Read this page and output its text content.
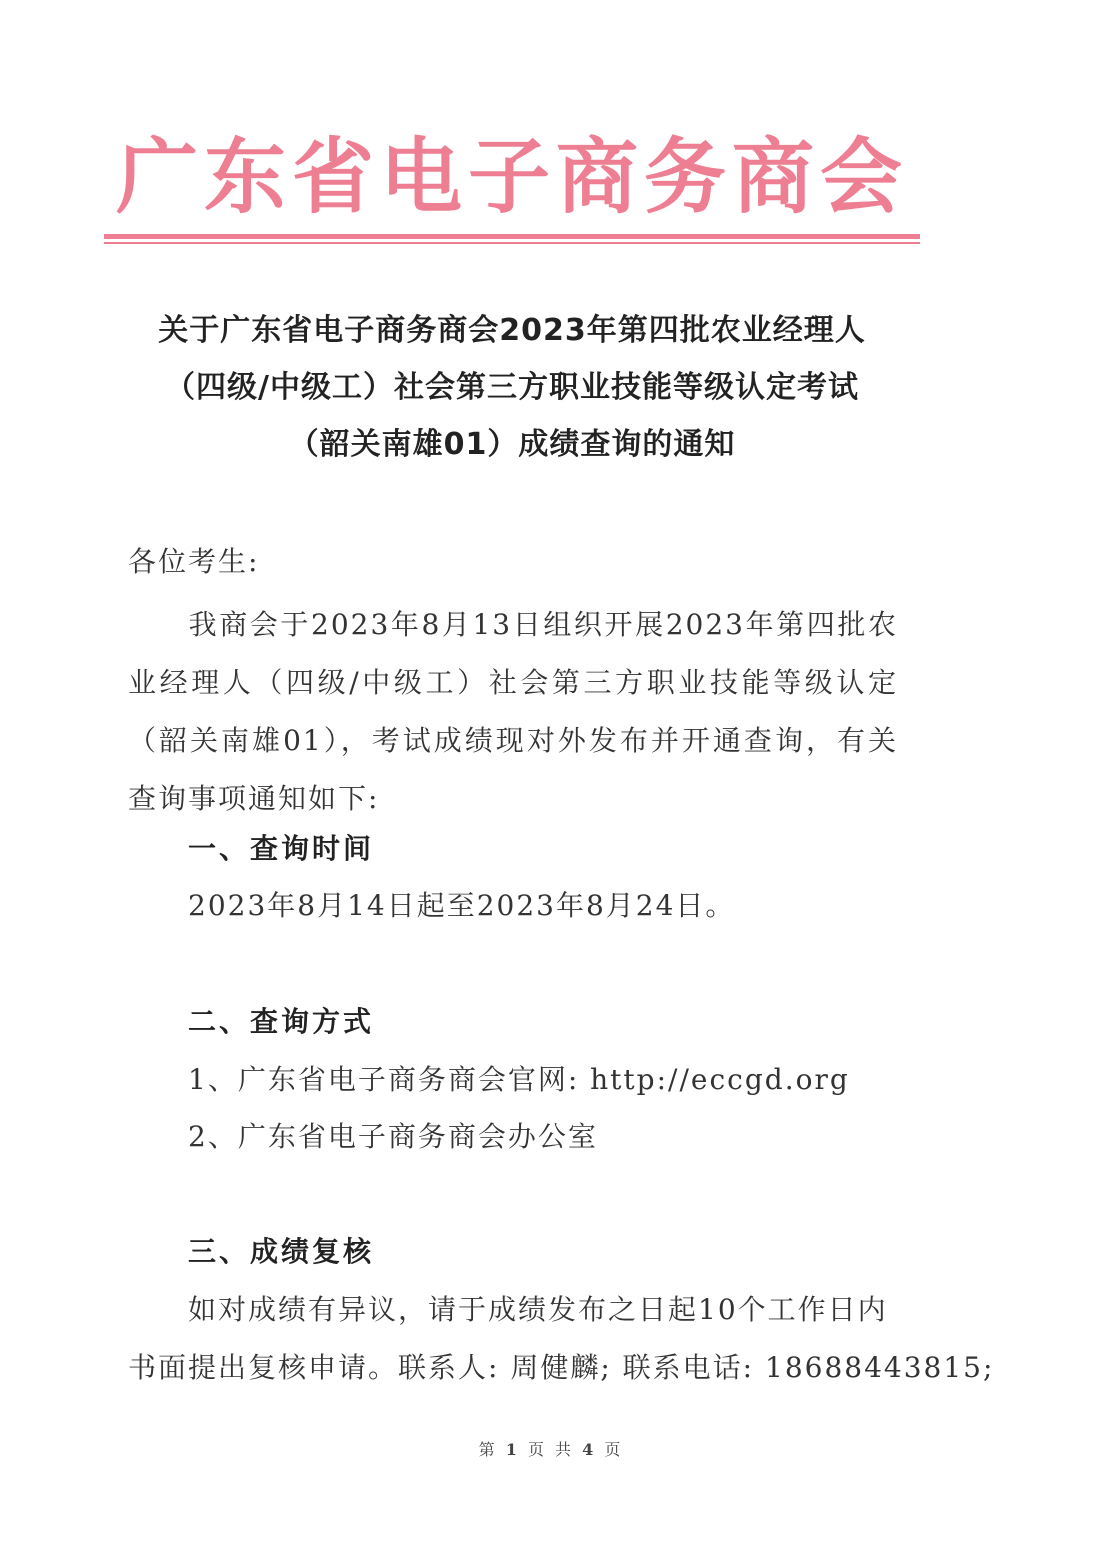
广东省电子商务商会
关于广东省电子商务商会2023年第四批农业经理人
（四级/中级工）社会第三方职业技能等级认定考试
（韶关南雄01）成绩查询的通知
各位考生:
我商会于2023年8月13日组织开展2023年第四批农业经理人（四级/中级工）社会第三方职业技能等级认定（韶关南雄01），考试成绩现对外发布并开通查询，有关查询事项通知如下:
一、查询时间
2023年8月14日起至2023年8月24日。
二、查询方式
1、广东省电子商务商会官网: http://eccgd.org
2、广东省电子商务商会办公室
三、成绩复核
如对成绩有异议，请于成绩发布之日起10个工作日内
书面提出复核申请。联系人: 周健麟; 联系电话: 18688443815;
第 1 页 共 4 页
